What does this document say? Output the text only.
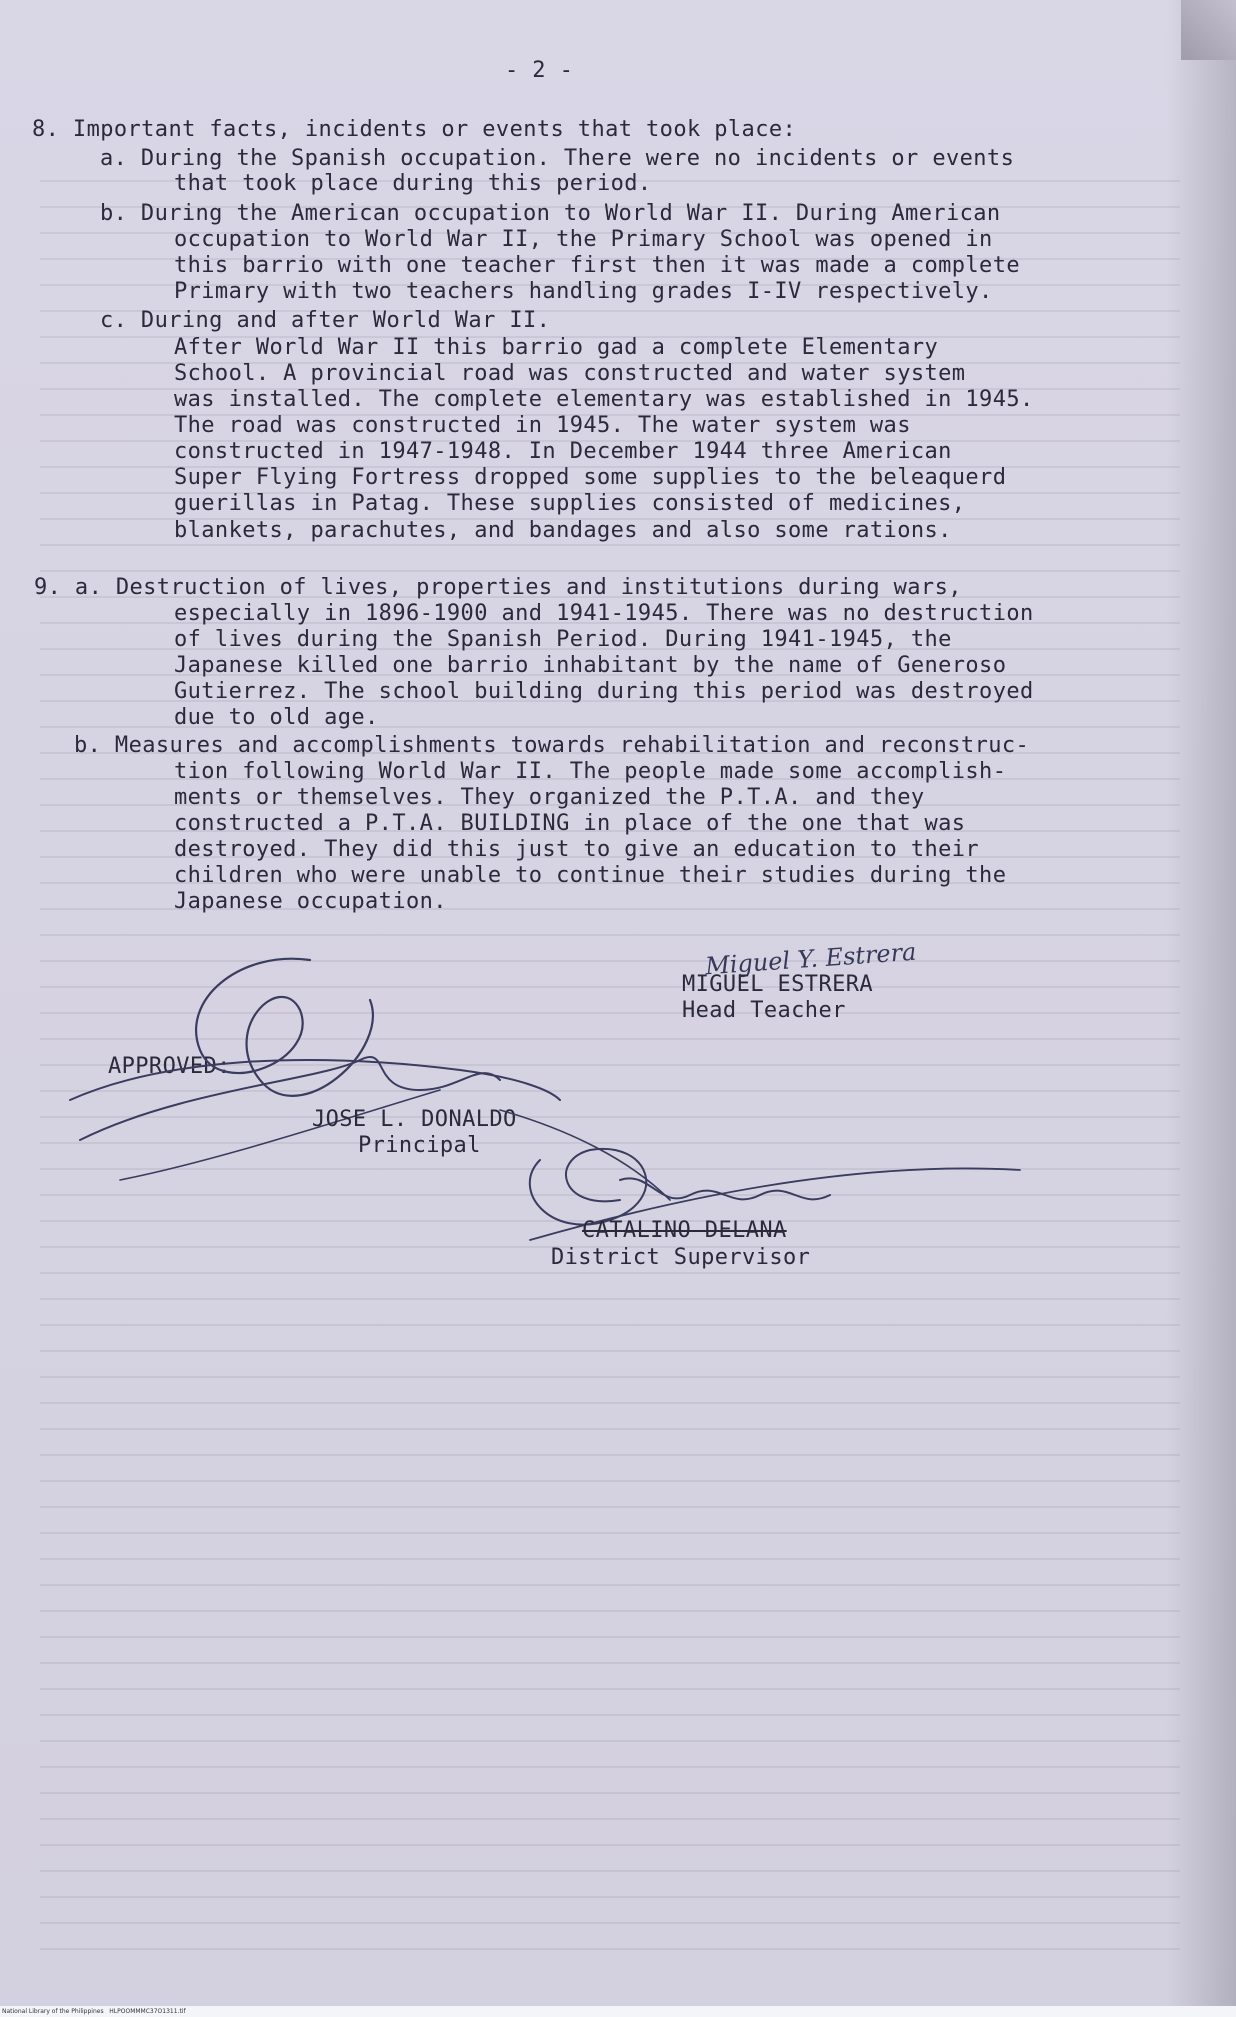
- 2 -

8. Important facts, incidents or events that took place:

a. During the Spanish occupation. There were no incidents or events

that took place during this period.

b. During the American occupation to World War II. During American

occupation to World War II, the Primary School was opened in

this barrio with one teacher first then it was made a complete

Primary with two teachers handling grades I-IV respectively.

c. During and after World War II.

After World War II this barrio gad a complete Elementary

School. A provincial road was constructed and water system

was installed. The complete elementary was established in 1945.

The road was constructed in 1945. The water system was

constructed in 1947-1948. In December 1944 three American

Super Flying Fortress dropped some supplies to the beleaquerd

guerillas in Patag. These supplies consisted of medicines,

blankets, parachutes, and bandages and also some rations.

9. a. Destruction of lives, properties and institutions during wars,

especially in 1896-1900 and 1941-1945. There was no destruction

of lives during the Spanish Period. During 1941-1945, the

Japanese killed one barrio inhabitant by the name of Generoso

Gutierrez. The school building during this period was destroyed

due to old age.

b. Measures and accomplishments towards rehabilitation and reconstruc-

tion following World War II. The people made some accomplish-

ments or themselves. They organized the P.T.A. and they

constructed a P.T.A. BUILDING in place of the one that was

destroyed. They did this just to give an education to their

children who were unable to continue their studies during the

Japanese occupation.

Miguel Y. Estrera

MIGUEL ESTRERA

Head Teacher

APPROVED:

JOSE L. DONALDO

Principal

CATALINO DELANA

District Supervisor

National Library of the Philippines   HLPOOMMMC37O1311.tif
